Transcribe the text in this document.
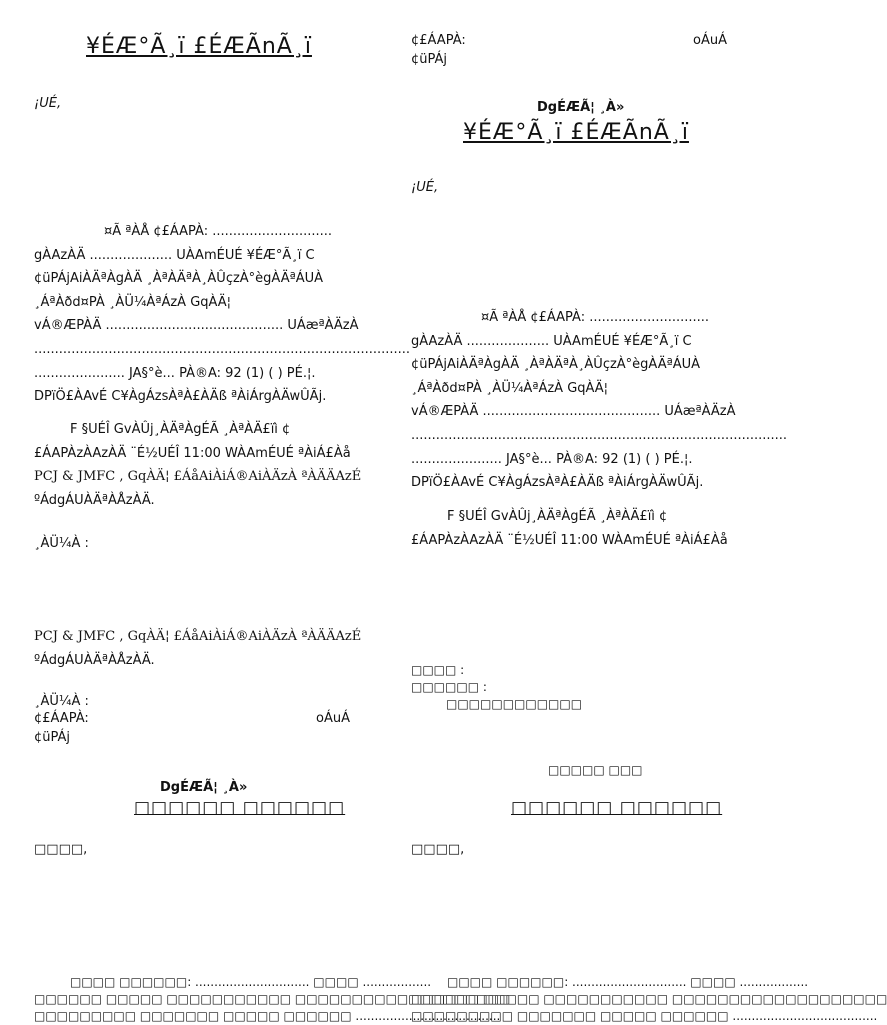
¥ÉÆ°Ã¸ï £ÉÆÃnÃ¸ï
¡UÉ,
¤Ã ªÀÅ ¢£ÁAPÀ: .............................
gÀAzÀÄ .................... UÀAmÉUÉ ¥ÉÆ°Ã¸ï C
¢üPÁjAiÀÄªÀgÀÄ ¸ÀªÀÄªÀ¸ÀÛçzÀ°ègÀÄªÁUÀ
¸ÁªÀðd¤PÀ ¸ÀÜ¼ÀªÁzÀ GqÀÄ¦
vÁ®ÆPÀÄ ........................................... UÁæªÀÄzÀ
...........................................................................................
...................... JA§°è... PÀ®A: 92 (1) ( ) PÉ.¦.
DPïÖ£ÀAvÉ C¥ÀgÁzsÀªÀ£ÀÄß ªÀiÁrgÀÄwÛÃj.
F §UÉÎ GvÀÛj¸ÀÄªÀgÉÃ ¸ÀªÀÄ£ïì ¢
£ÁAPÀzÀAzÀÄ ¨É½UÉÎ 11:00 WÀAmÉUÉ ªÀiÁ£Àå
PCJ & JMFC , GqÀÄ¦ £ÁåAiÀiÁ®AiÀÄzÀ ªÀÄÄAzÉ
ºÁdgÁUÀÄªÀÅzÀÄ.
¸ÀÜ¼À :
PCJ & JMFC , GqÀÄ¦ £ÁåAiÀiÁ®AiÀÄzÀ ªÀÄÄAzÉ
ºÁdgÁUÀÄªÀÅzÀÄ.
¸ÀÜ¼À :
¢£ÁAPÀ:	oÁuÁ
¢üPÁj
DgÉÆÃ¦ ¸À»
□□□□□□ □□□□□□
□□□□,
□□□□ □□□□□□: .............................. □□□□ ..................
□□□□□□ □□□□□ □□□□□□□□□□□ □□□□□□□□□□□□□□□□□□□
□□□□□□□□□ □□□□□□□ □□□□□ □□□□□□ ......................................
¢£ÁAPÀ:	oÁuÁ
¢üPÁj
DgÉÆÃ¦ ¸À»
¥ÉÆ°Ã¸ï £ÉÆÃnÃ¸ï
¡UÉ,
¤Ã ªÀÅ ¢£ÁAPÀ: .............................
gÀAzÀÄ .................... UÀAmÉUÉ ¥ÉÆ°Ã¸ï C
¢üPÁjAiÀÄªÀgÀÄ ¸ÀªÀÄªÀ¸ÀÛçzÀ°ègÀÄªÁUÀ
¸ÁªÀðd¤PÀ ¸ÀÜ¼ÀªÁzÀ GqÀÄ¦
vÁ®ÆPÀÄ ........................................... UÁæªÀÄzÀ
...........................................................................................
...................... JA§°è... PÀ®A: 92 (1) ( ) PÉ.¦.
DPïÖ£ÀAvÉ C¥ÀgÁzsÀªÀ£ÀÄß ªÀiÁrgÀÄwÛÃj.
F §UÉÎ GvÀÛj¸ÀÄªÀgÉÃ ¸ÀªÀÄ£ïì ¢
£ÁAPÀzÀAzÀÄ ¨É½UÉÎ 11:00 WÀAmÉUÉ ªÀiÁ£Àå
□□□□ :
□□□□□□ :
□□□□□□□□□□□□
□□□□□ □□□
□□□□□□ □□□□□□
□□□□,
□□□□ □□□□□□: .............................. □□□□ ..................
□□□□□□ □□□□□ □□□□□□□□□□□ □□□□□□□□□□□□□□□□□□□
□□□□□□□□□ □□□□□□□ □□□□□ □□□□□□ ......................................
